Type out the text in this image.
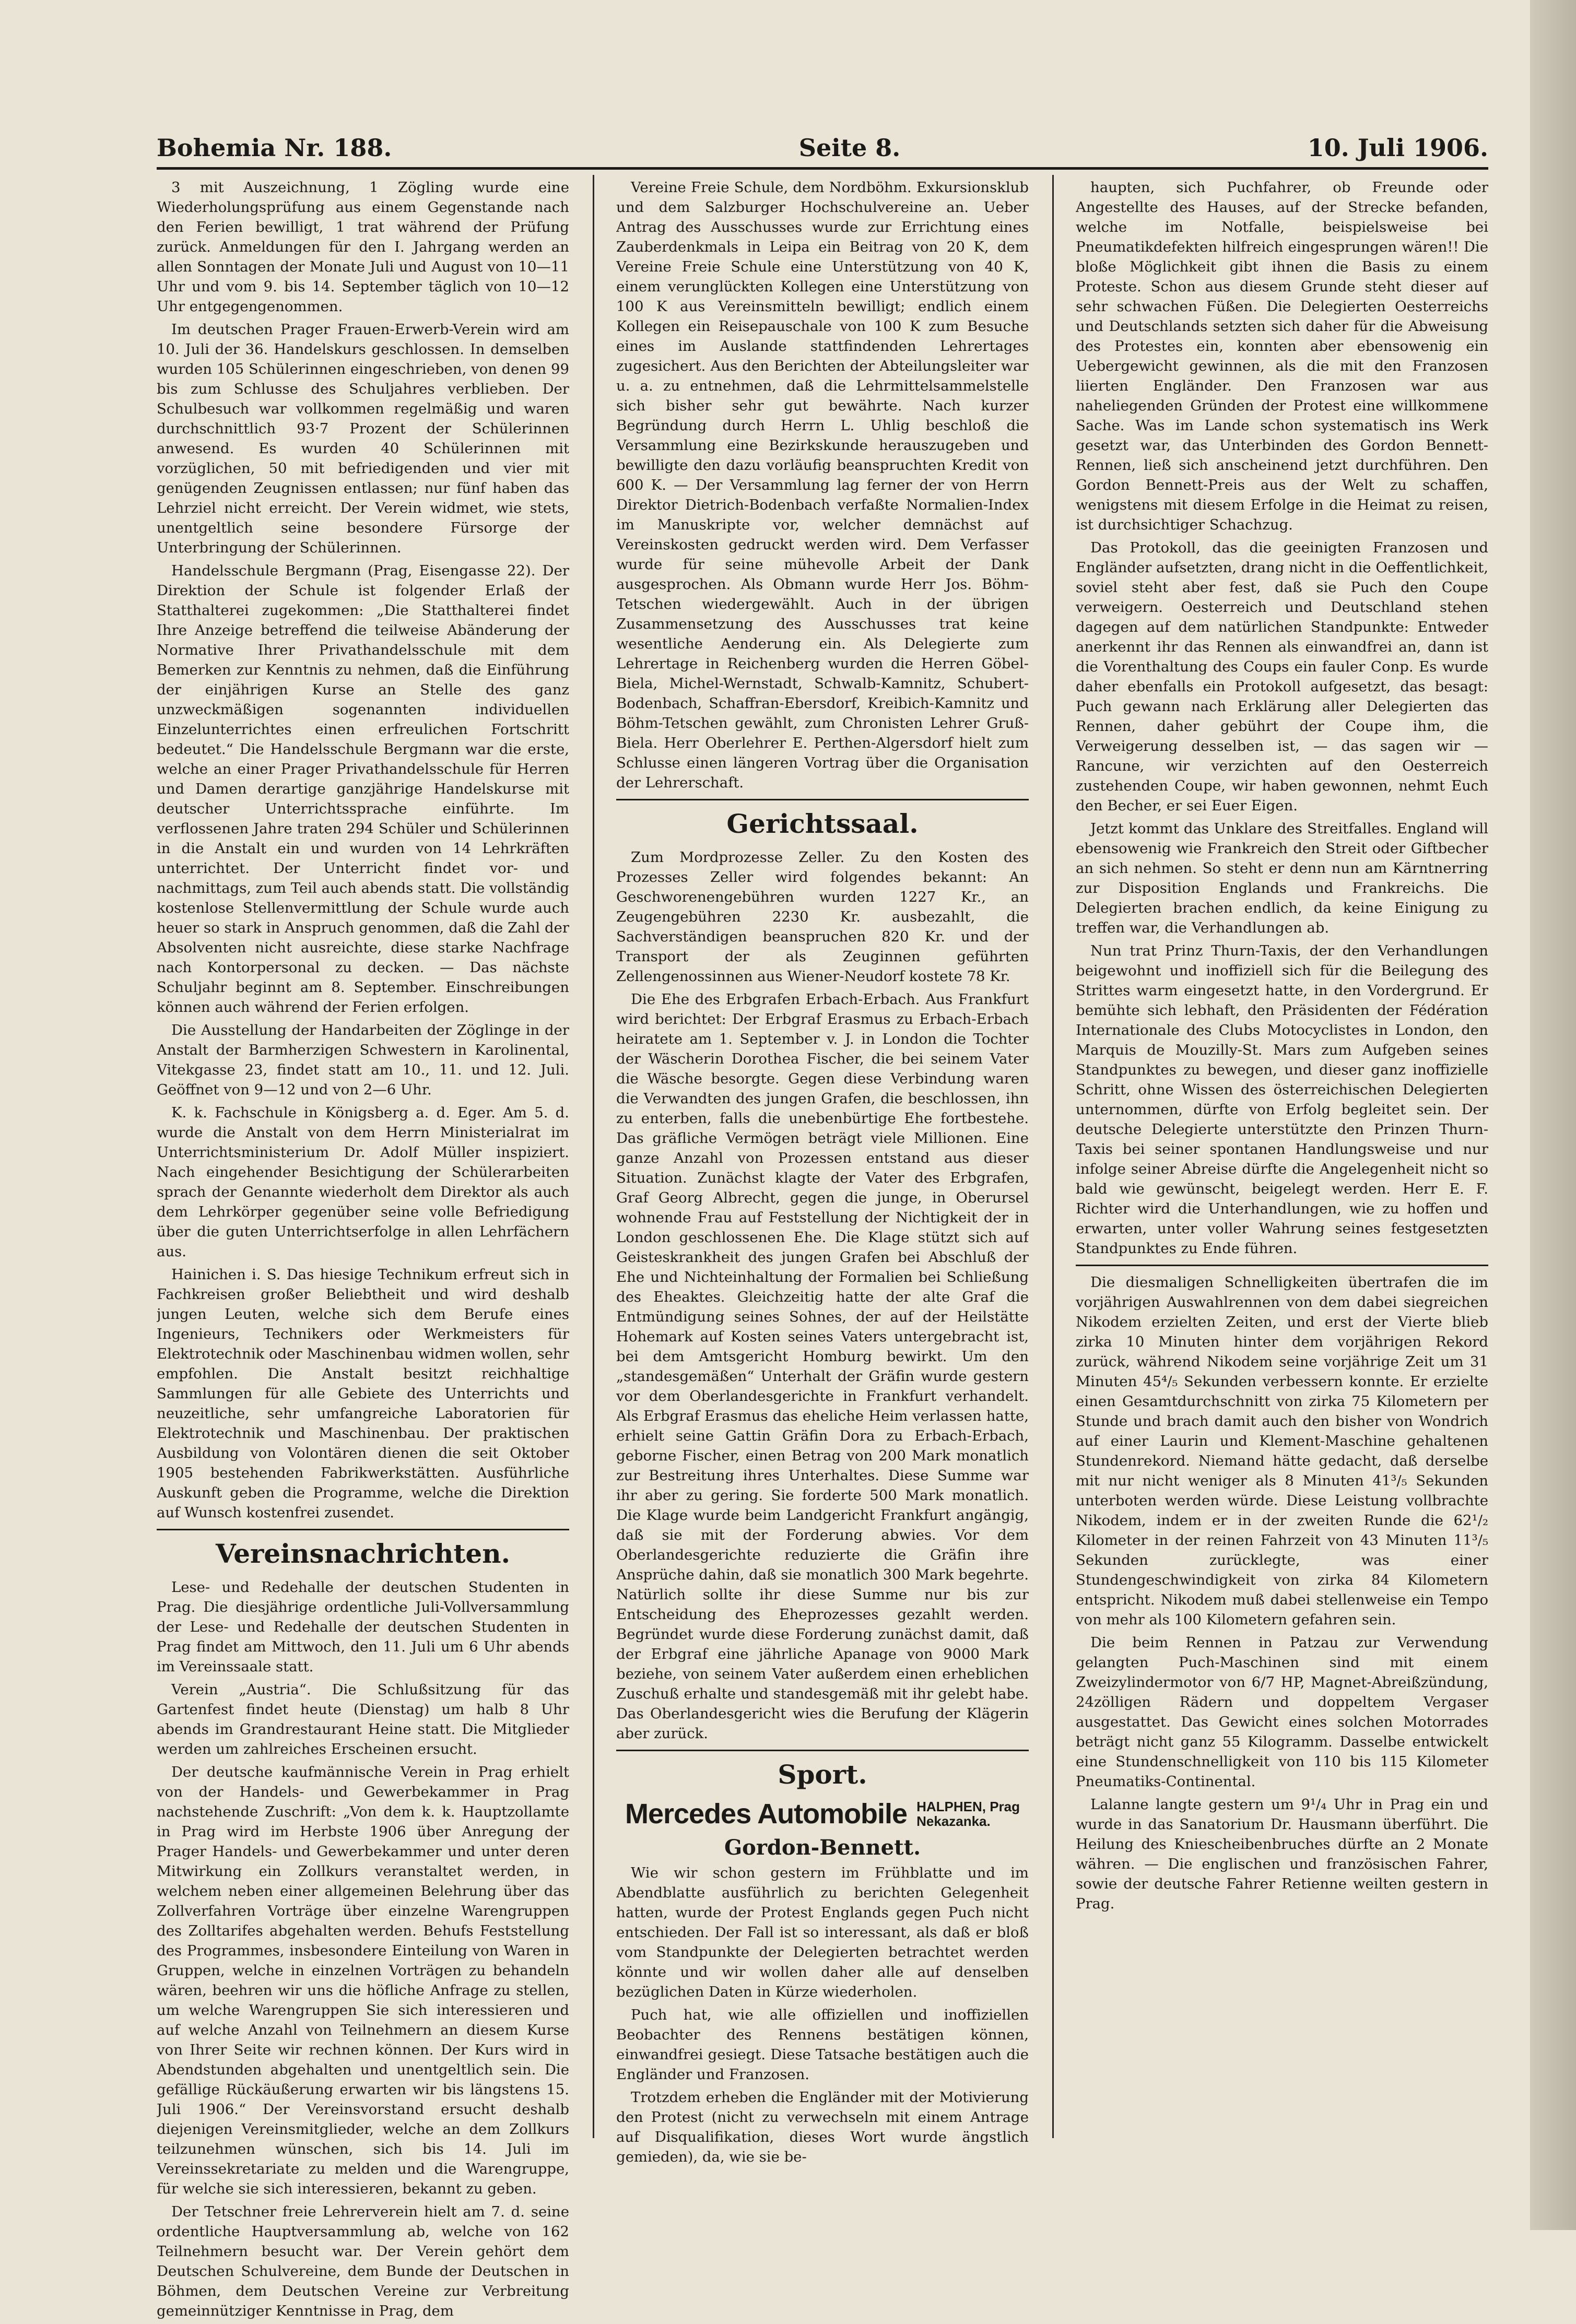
Bohemia Nr. 188.	Seite 8.	10. Juli 1906.

3 mit Auszeichnung, 1 Zögling wurde eine Wiederholungsprüfung aus einem Gegenstande nach den Ferien bewilligt, 1 trat während der Prüfung zurück. Anmeldungen für den I. Jahrgang werden an allen Sonntagen der Monate Juli und August von 10—11 Uhr und vom 9. bis 14. September täglich von 10—12 Uhr entgegengenommen.

Im deutschen Prager Frauen-Erwerb-Verein wird am 10. Juli der 36. Handelskurs geschlossen. In demselben wurden 105 Schülerinnen eingeschrieben, von denen 99 bis zum Schlusse des Schuljahres verblieben. Der Schulbesuch war vollkommen regelmäßig und waren durchschnittlich 93·7 Prozent der Schülerinnen anwesend. Es wurden 40 Schülerinnen mit vorzüglichen, 50 mit befriedigenden und vier mit genügenden Zeugnissen entlassen; nur fünf haben das Lehrziel nicht erreicht. Der Verein widmet, wie stets, unentgeltlich seine besondere Fürsorge der Unterbringung der Schülerinnen.

Handelsschule Bergmann (Prag, Eisengasse 22). Der Direktion der Schule ist folgender Erlaß der Statthalterei zugekommen: „Die Statthalterei findet Ihre Anzeige betreffend die teilweise Abänderung der Normative Ihrer Privathandelsschule mit dem Bemerken zur Kenntnis zu nehmen, daß die Einführung der einjährigen Kurse an Stelle des ganz unzweckmäßigen sogenannten individuellen Einzelunterrichtes einen erfreulichen Fortschritt bedeutet.“ Die Handelsschule Bergmann war die erste, welche an einer Prager Privathandelsschule für Herren und Damen derartige ganzjährige Handelskurse mit deutscher Unterrichtssprache einführte. Im verflossenen Jahre traten 294 Schüler und Schülerinnen in die Anstalt ein und wurden von 14 Lehrkräften unterrichtet. Der Unterricht findet vor- und nachmittags, zum Teil auch abends statt. Die vollständig kostenlose Stellenvermittlung der Schule wurde auch heuer so stark in Anspruch genommen, daß die Zahl der Absolventen nicht ausreichte, diese starke Nachfrage nach Kontorpersonal zu decken. — Das nächste Schuljahr beginnt am 8. September. Einschreibungen können auch während der Ferien erfolgen.

Die Ausstellung der Handarbeiten der Zöglinge in der Anstalt der Barmherzigen Schwestern in Karolinental, Vitekgasse 23, findet statt am 10., 11. und 12. Juli. Geöffnet von 9—12 und von 2—6 Uhr.

K. k. Fachschule in Königsberg a. d. Eger. Am 5. d. wurde die Anstalt von dem Herrn Ministerialrat im Unterrichtsministerium Dr. Adolf Müller inspiziert. Nach eingehender Besichtigung der Schülerarbeiten sprach der Genannte wiederholt dem Direktor als auch dem Lehrkörper gegenüber seine volle Befriedigung über die guten Unterrichtserfolge in allen Lehrfächern aus.

Hainichen i. S. Das hiesige Technikum erfreut sich in Fachkreisen großer Beliebtheit und wird deshalb jungen Leuten, welche sich dem Berufe eines Ingenieurs, Technikers oder Werkmeisters für Elektrotechnik oder Maschinenbau widmen wollen, sehr empfohlen. Die Anstalt besitzt reichhaltige Sammlungen für alle Gebiete des Unterrichts und neuzeitliche, sehr umfangreiche Laboratorien für Elektrotechnik und Maschinenbau. Der praktischen Ausbildung von Volontären dienen die seit Oktober 1905 bestehenden Fabrikwerkstätten. Ausführliche Auskunft geben die Programme, welche die Direktion auf Wunsch kostenfrei zusendet.

Vereinsnachrichten.

Lese- und Redehalle der deutschen Studenten in Prag. Die diesjährige ordentliche Juli-Vollversammlung der Lese- und Redehalle der deutschen Studenten in Prag findet am Mittwoch, den 11. Juli um 6 Uhr abends im Vereinssaale statt.

Verein „Austria“. Die Schlußsitzung für das Gartenfest findet heute (Dienstag) um halb 8 Uhr abends im Grandrestaurant Heine statt. Die Mitglieder werden um zahlreiches Erscheinen ersucht.

Der deutsche kaufmännische Verein in Prag erhielt von der Handels- und Gewerbekammer in Prag nachstehende Zuschrift: „Von dem k. k. Hauptzollamte in Prag wird im Herbste 1906 über Anregung der Prager Handels- und Gewerbekammer und unter deren Mitwirkung ein Zollkurs veranstaltet werden, in welchem neben einer allgemeinen Belehrung über das Zollverfahren Vorträge über einzelne Warengruppen des Zolltarifes abgehalten werden. Behufs Feststellung des Programmes, insbesondere Einteilung von Waren in Gruppen, welche in einzelnen Vorträgen zu behandeln wären, beehren wir uns die höfliche Anfrage zu stellen, um welche Warengruppen Sie sich interessieren und auf welche Anzahl von Teilnehmern an diesem Kurse von Ihrer Seite wir rechnen können. Der Kurs wird in Abendstunden abgehalten und unentgeltlich sein. Die gefällige Rückäußerung erwarten wir bis längstens 15. Juli 1906.“ Der Vereinsvorstand ersucht deshalb diejenigen Vereinsmitglieder, welche an dem Zollkurs teilzunehmen wünschen, sich bis 14. Juli im Vereinssekretariate zu melden und die Warengruppe, für welche sie sich interessieren, bekannt zu geben.

Der Tetschner freie Lehrerverein hielt am 7. d. seine ordentliche Hauptversammlung ab, welche von 162 Teilnehmern besucht war. Der Verein gehört dem Deutschen Schulvereine, dem Bunde der Deutschen in Böhmen, dem Deutschen Vereine zur Verbreitung gemeinnütziger Kenntnisse in Prag, dem

Vereine Freie Schule, dem Nordböhm. Exkursionsklub und dem Salzburger Hochschulvereine an. Ueber Antrag des Ausschusses wurde zur Errichtung eines Zauberdenkmals in Leipa ein Beitrag von 20 K, dem Vereine Freie Schule eine Unterstützung von 40 K, einem verunglückten Kollegen eine Unterstützung von 100 K aus Vereinsmitteln bewilligt; endlich einem Kollegen ein Reisepauschale von 100 K zum Besuche eines im Auslande stattfindenden Lehrertages zugesichert. Aus den Berichten der Abteilungsleiter war u. a. zu entnehmen, daß die Lehrmittelsammelstelle sich bisher sehr gut bewährte. Nach kurzer Begründung durch Herrn L. Uhlig beschloß die Versammlung eine Bezirkskunde herauszugeben und bewilligte den dazu vorläufig beanspruchten Kredit von 600 K. — Der Versammlung lag ferner der von Herrn Direktor Dietrich-Bodenbach verfaßte Normalien-Index im Manuskripte vor, welcher demnächst auf Vereinskosten gedruckt werden wird. Dem Verfasser wurde für seine mühevolle Arbeit der Dank ausgesprochen. Als Obmann wurde Herr Jos. Böhm-Tetschen wiedergewählt. Auch in der übrigen Zusammensetzung des Ausschusses trat keine wesentliche Aenderung ein. Als Delegierte zum Lehrertage in Reichenberg wurden die Herren Göbel-Biela, Michel-Wernstadt, Schwalb-Kamnitz, Schubert-Bodenbach, Schaffran-Ebersdorf, Kreibich-Kamnitz und Böhm-Tetschen gewählt, zum Chronisten Lehrer Gruß-Biela. Herr Oberlehrer E. Perthen-Algersdorf hielt zum Schlusse einen längeren Vortrag über die Organisation der Lehrerschaft.

Gerichtssaal.

Zum Mordprozesse Zeller. Zu den Kosten des Prozesses Zeller wird folgendes bekannt: An Geschworenengebühren wurden 1227 Kr., an Zeugengebühren 2230 Kr. ausbezahlt, die Sachverständigen beanspruchen 820 Kr. und der Transport der als Zeuginnen geführten Zellengenossinnen aus Wiener-Neudorf kostete 78 Kr.

Die Ehe des Erbgrafen Erbach-Erbach. Aus Frankfurt wird berichtet: Der Erbgraf Erasmus zu Erbach-Erbach heiratete am 1. September v. J. in London die Tochter der Wäscherin Dorothea Fischer, die bei seinem Vater die Wäsche besorgte. Gegen diese Verbindung waren die Verwandten des jungen Grafen, die beschlossen, ihn zu enterben, falls die unebenbürtige Ehe fortbestehe. Das gräfliche Vermögen beträgt viele Millionen. Eine ganze Anzahl von Prozessen entstand aus dieser Situation. Zunächst klagte der Vater des Erbgrafen, Graf Georg Albrecht, gegen die junge, in Oberursel wohnende Frau auf Feststellung der Nichtigkeit der in London geschlossenen Ehe. Die Klage stützt sich auf Geisteskrankheit des jungen Grafen bei Abschluß der Ehe und Nichteinhaltung der Formalien bei Schließung des Eheaktes. Gleichzeitig hatte der alte Graf die Entmündigung seines Sohnes, der auf der Heilstätte Hohemark auf Kosten seines Vaters untergebracht ist, bei dem Amtsgericht Homburg bewirkt. Um den „standesgemäßen“ Unterhalt der Gräfin wurde gestern vor dem Oberlandesgerichte in Frankfurt verhandelt. Als Erbgraf Erasmus das eheliche Heim verlassen hatte, erhielt seine Gattin Gräfin Dora zu Erbach-Erbach, geborne Fischer, einen Betrag von 200 Mark monatlich zur Bestreitung ihres Unterhaltes. Diese Summe war ihr aber zu gering. Sie forderte 500 Mark monatlich. Die Klage wurde beim Landgericht Frankfurt angängig, daß sie mit der Forderung abwies. Vor dem Oberlandesgerichte reduzierte die Gräfin ihre Ansprüche dahin, daß sie monatlich 300 Mark begehrte. Natürlich sollte ihr diese Summe nur bis zur Entscheidung des Eheprozesses gezahlt werden. Begründet wurde diese Forderung zunächst damit, daß der Erbgraf eine jährliche Apanage von 9000 Mark beziehe, von seinem Vater außerdem einen erheblichen Zuschuß erhalte und standesgemäß mit ihr gelebt habe. Das Oberlandesgericht wies die Berufung der Klägerin aber zurück.

Sport.
Mercedes Automobile HALPHEN, Prag
Nekazanka.
Gordon-Bennett.

Wie wir schon gestern im Frühblatte und im Abendblatte ausführlich zu berichten Gelegenheit hatten, wurde der Protest Englands gegen Puch nicht entschieden. Der Fall ist so interessant, als daß er bloß vom Standpunkte der Delegierten betrachtet werden könnte und wir wollen daher alle auf denselben bezüglichen Daten in Kürze wiederholen.

Puch hat, wie alle offiziellen und inoffiziellen Beobachter des Rennens bestätigen können, einwandfrei gesiegt. Diese Tatsache bestätigen auch die Engländer und Franzosen.

Trotzdem erheben die Engländer mit der Motivierung den Protest (nicht zu verwechseln mit einem Antrage auf Disqualifikation, dieses Wort wurde ängstlich gemieden), da, wie sie be-

haupten, sich Puchfahrer, ob Freunde oder Angestellte des Hauses, auf der Strecke befanden, welche im Notfalle, beispielsweise bei Pneumatikdefekten hilfreich eingesprungen wären!! Die bloße Möglichkeit gibt ihnen die Basis zu einem Proteste. Schon aus diesem Grunde steht dieser auf sehr schwachen Füßen. Die Delegierten Oesterreichs und Deutschlands setzten sich daher für die Abweisung des Protestes ein, konnten aber ebensowenig ein Uebergewicht gewinnen, als die mit den Franzosen liierten Engländer. Den Franzosen war aus naheliegenden Gründen der Protest eine willkommene Sache. Was im Lande schon systematisch ins Werk gesetzt war, das Unterbinden des Gordon Bennett-Rennen, ließ sich anscheinend jetzt durchführen. Den Gordon Bennett-Preis aus der Welt zu schaffen, wenigstens mit diesem Erfolge in die Heimat zu reisen, ist durchsichtiger Schachzug.

Das Protokoll, das die geeinigten Franzosen und Engländer aufsetzten, drang nicht in die Oeffentlichkeit, soviel steht aber fest, daß sie Puch den Coupe verweigern. Oesterreich und Deutschland stehen dagegen auf dem natürlichen Standpunkte: Entweder anerkennt ihr das Rennen als einwandfrei an, dann ist die Vorenthaltung des Coups ein fauler Conp. Es wurde daher ebenfalls ein Protokoll aufgesetzt, das besagt: Puch gewann nach Erklärung aller Delegierten das Rennen, daher gebührt der Coupe ihm, die Verweigerung desselben ist, — das sagen wir — Rancune, wir verzichten auf den Oesterreich zustehenden Coupe, wir haben gewonnen, nehmt Euch den Becher, er sei Euer Eigen.

Jetzt kommt das Unklare des Streitfalles. England will ebensowenig wie Frankreich den Streit oder Giftbecher an sich nehmen. So steht er denn nun am Kärntnerring zur Disposition Englands und Frankreichs. Die Delegierten brachen endlich, da keine Einigung zu treffen war, die Verhandlungen ab.

Nun trat Prinz Thurn-Taxis, der den Verhandlungen beigewohnt und inoffiziell sich für die Beilegung des Strittes warm eingesetzt hatte, in den Vordergrund. Er bemühte sich lebhaft, den Präsidenten der Fédération Internationale des Clubs Motocyclistes in London, den Marquis de Mouzilly-St. Mars zum Aufgeben seines Standpunktes zu bewegen, und dieser ganz inoffizielle Schritt, ohne Wissen des österreichischen Delegierten unternommen, dürfte von Erfolg begleitet sein. Der deutsche Delegierte unterstützte den Prinzen Thurn-Taxis bei seiner spontanen Handlungsweise und nur infolge seiner Abreise dürfte die Angelegenheit nicht so bald wie gewünscht, beigelegt werden. Herr E. F. Richter wird die Unterhandlungen, wie zu hoffen und erwarten, unter voller Wahrung seines festgesetzten Standpunktes zu Ende führen.

Die diesmaligen Schnelligkeiten übertrafen die im vorjährigen Auswahlrennen von dem dabei siegreichen Nikodem erzielten Zeiten, und erst der Vierte blieb zirka 10 Minuten hinter dem vorjährigen Rekord zurück, während Nikodem seine vorjährige Zeit um 31 Minuten 45⁴/₅ Sekunden verbessern konnte. Er erzielte einen Gesamtdurchschnitt von zirka 75 Kilometern per Stunde und brach damit auch den bisher von Wondrich auf einer Laurin und Klement-Maschine gehaltenen Stundenrekord. Niemand hätte gedacht, daß derselbe mit nur nicht weniger als 8 Minuten 41³/₅ Sekunden unterboten werden würde. Diese Leistung vollbrachte Nikodem, indem er in der zweiten Runde die 62¹/₂ Kilometer in der reinen Fahrzeit von 43 Minuten 11³/₅ Sekunden zurücklegte, was einer Stundengeschwindigkeit von zirka 84 Kilometern entspricht. Nikodem muß dabei stellenweise ein Tempo von mehr als 100 Kilometern gefahren sein.

Die beim Rennen in Patzau zur Verwendung gelangten Puch-Maschinen sind mit einem Zweizylindermotor von 6/7 HP, Magnet-Abreißzündung, 24zölligen Rädern und doppeltem Vergaser ausgestattet. Das Gewicht eines solchen Motorrades beträgt nicht ganz 55 Kilogramm. Dasselbe entwickelt eine Stundenschnelligkeit von 110 bis 115 Kilometer Pneumatiks-Continental.

Lalanne langte gestern um 9¹/₄ Uhr in Prag ein und wurde in das Sanatorium Dr. Hausmann überführt. Die Heilung des Kniescheibenbruches dürfte an 2 Monate währen. — Die englischen und französischen Fahrer, sowie der deutsche Fahrer Retienne weilten gestern in Prag.
